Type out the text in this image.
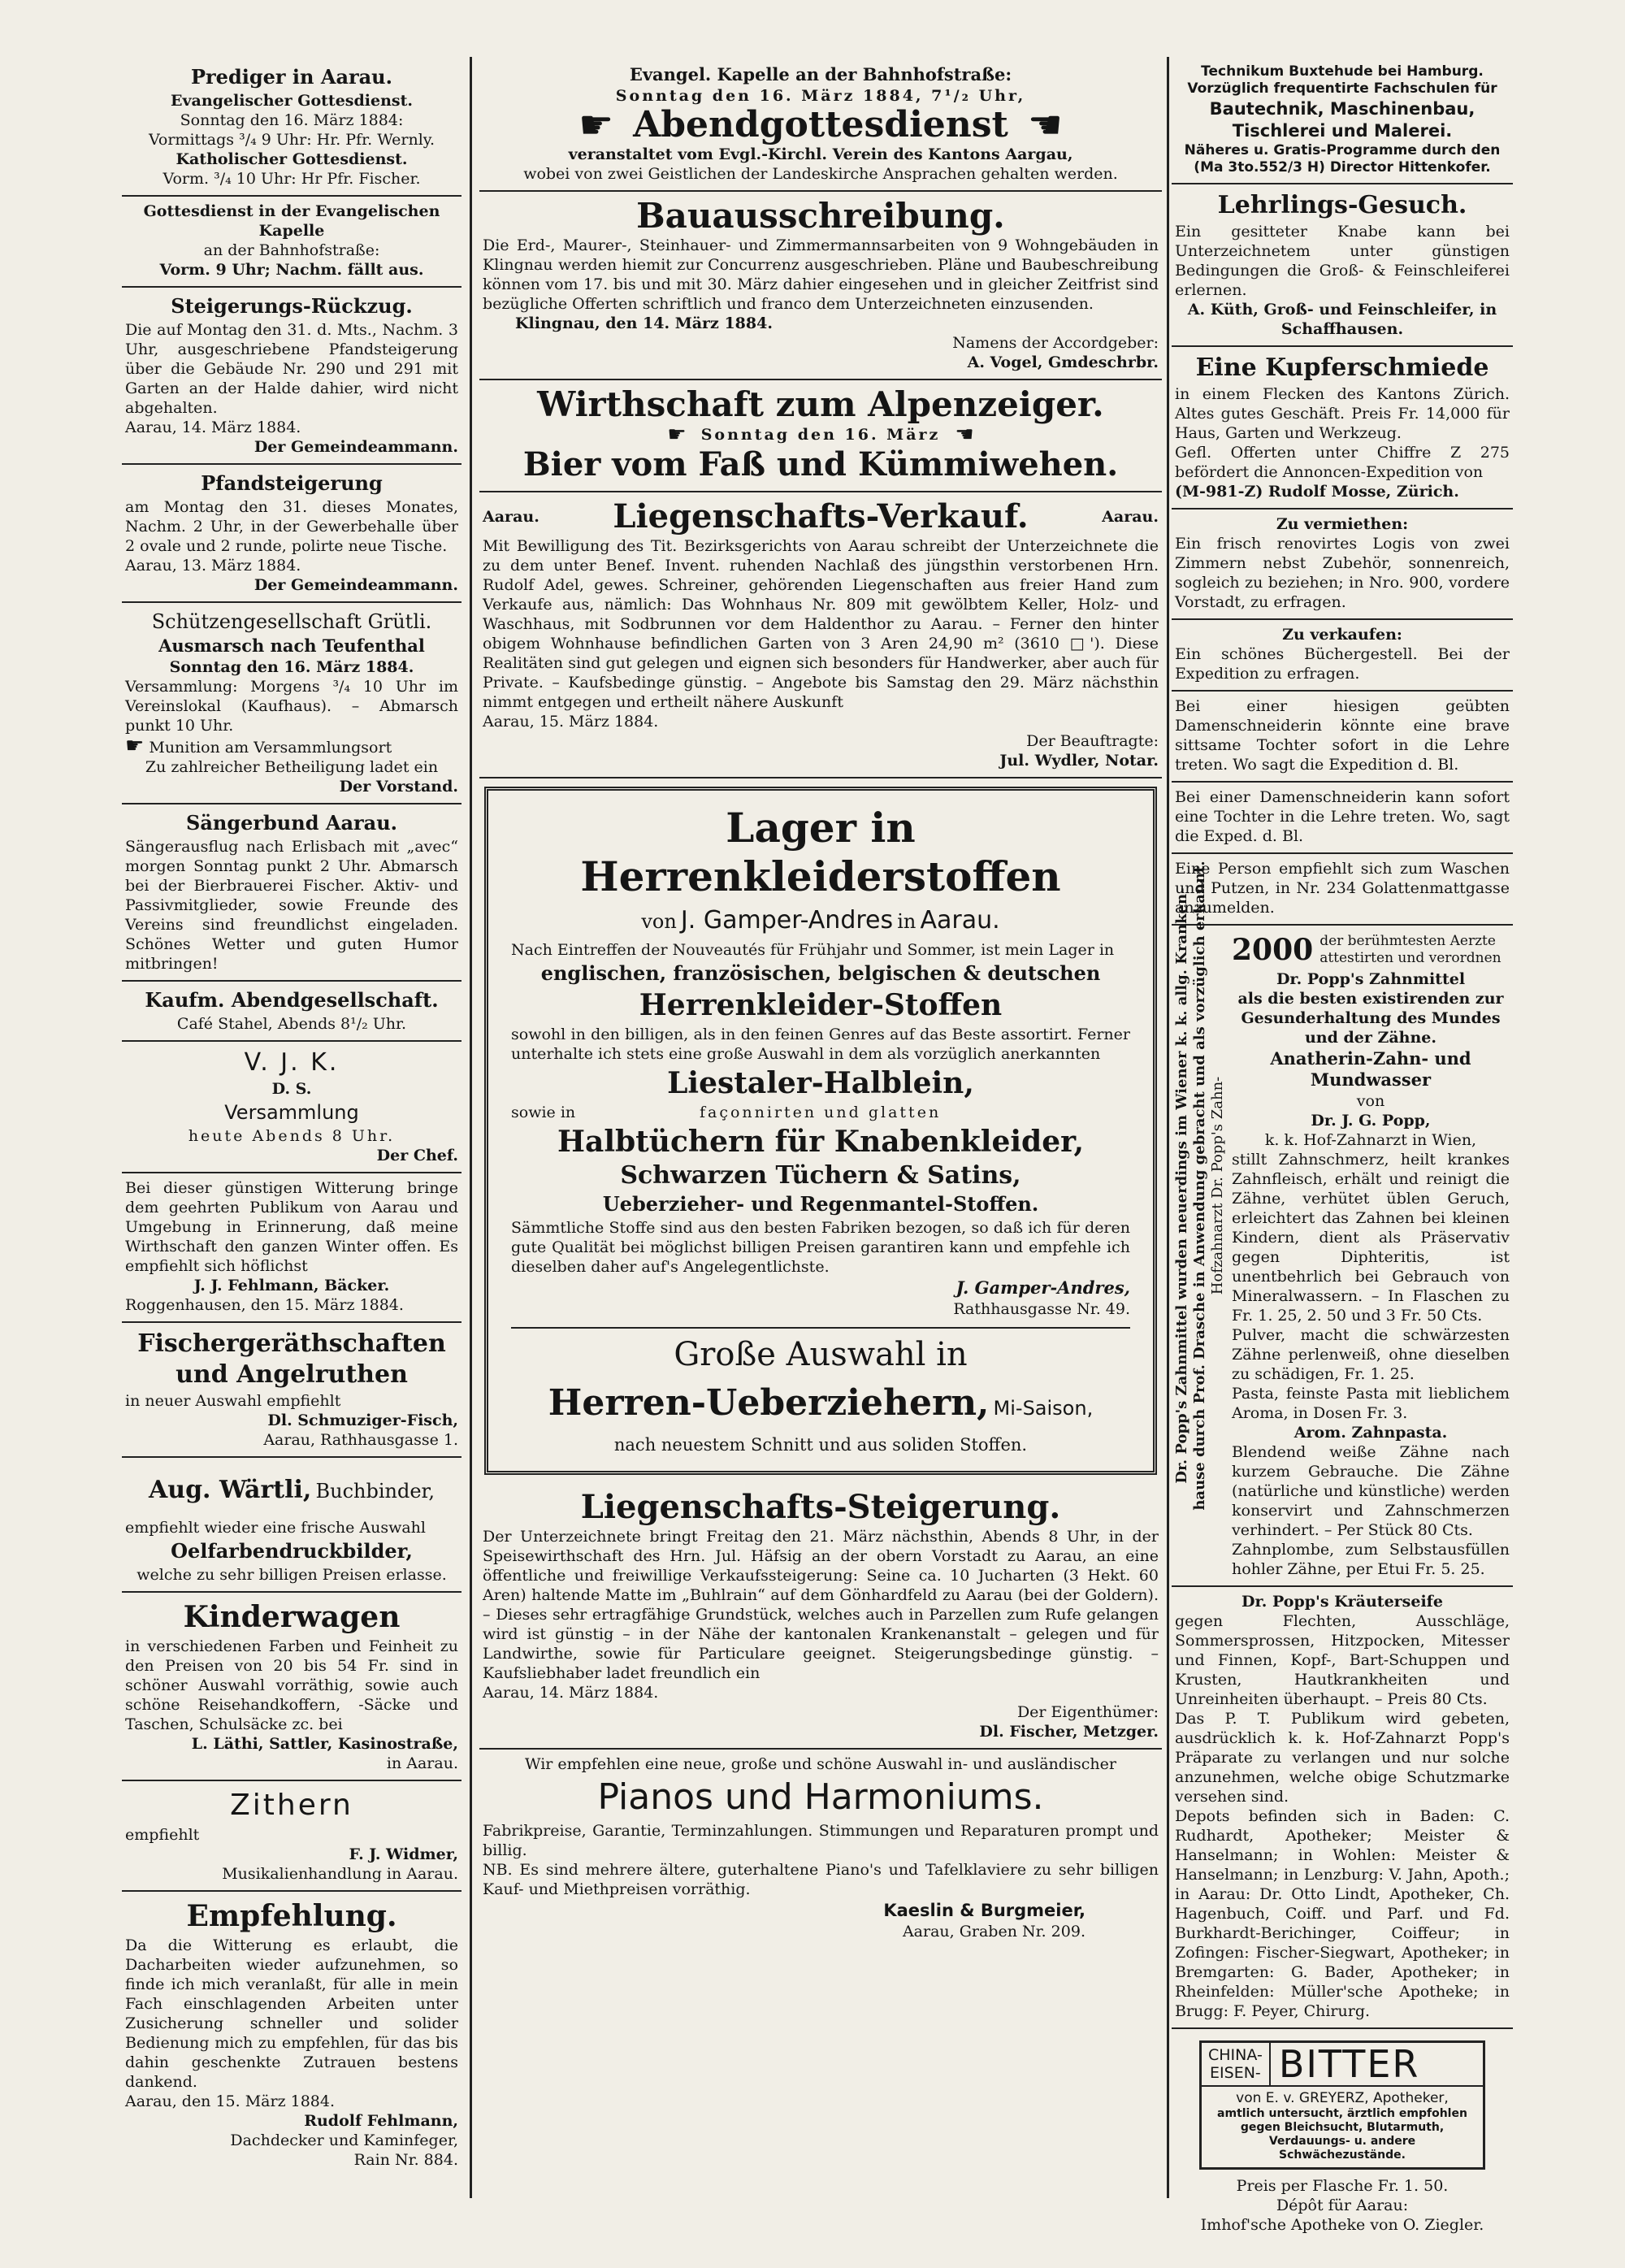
Prediger in Aarau.

Evangelischer Gottesdienst.

Sonntag den 16. März 1884:

Vormittags ³/₄ 9 Uhr: Hr. Pfr. Wernly.

Katholischer Gottesdienst.

Vorm. ³/₄ 10 Uhr: Hr Pfr. Fischer.

Gottesdienst in der Evangelischen Kapelle

an der Bahnhofstraße:

Vorm. 9 Uhr; Nachm. fällt aus.

Steigerungs-Rückzug.

Die auf Montag den 31. d. Mts., Nachm. 3 Uhr, ausgeschriebene Pfandsteigerung über die Gebäude Nr. 290 und 291 mit Garten an der Halde dahier, wird nicht abgehalten.

Aarau, 14. März 1884.

Der Gemeindeammann.

Pfandsteigerung

am Montag den 31. dieses Monates, Nachm. 2 Uhr, in der Gewerbehalle über 2 ovale und 2 runde, polirte neue Tische.

Aarau, 13. März 1884.

Der Gemeindeammann.

Schützengesellschaft Grütli.

Ausmarsch nach Teufenthal

Sonntag den 16. März 1884.

Versammlung: Morgens ³/₄ 10 Uhr im Vereinslokal (Kaufhaus). – Abmarsch punkt 10 Uhr.

☛ Munition am Versammlungsort

Zu zahlreicher Betheiligung ladet ein

Der Vorstand.

Sängerbund Aarau.

Sängerausflug nach Erlisbach mit „avec“ morgen Sonntag punkt 2 Uhr. Abmarsch bei der Bierbrauerei Fischer. Aktiv- und Passivmitglieder, sowie Freunde des Vereins sind freundlichst eingeladen. Schönes Wetter und guten Humor mitbringen!

Kaufm. Abendgesellschaft.

Café Stahel, Abends 8¹/₂ Uhr.

V. J. K.

D. S.

Versammlung

heute Abends 8 Uhr.

Der Chef.

Bei dieser günstigen Witterung bringe dem geehrten Publikum von Aarau und Umgebung in Erinnerung, daß meine Wirthschaft den ganzen Winter offen. Es empfiehlt sich höflichst

J. J. Fehlmann, Bäcker.

Roggenhausen, den 15. März 1884.

Fischergeräthschaften

und Angelruthen

in neuer Auswahl empfiehlt

Dl. Schmuziger-Fisch,

Aarau, Rathhausgasse 1.

Aug. Wärtli, Buchbinder,

empfiehlt wieder eine frische Auswahl

Oelfarbendruckbilder,

welche zu sehr billigen Preisen erlasse.

Kinderwagen

in verschiedenen Farben und Feinheit zu den Preisen von 20 bis 54 Fr. sind in schöner Auswahl vorräthig, sowie auch schöne Reisehandkoffern, -Säcke und Taschen, Schulsäcke zc. bei

L. Läthi, Sattler, Kasinostraße,

in Aarau.

Zithern

empfiehlt

F. J. Widmer,

Musikalienhandlung in Aarau.

Empfehlung.

Da die Witterung es erlaubt, die Dacharbeiten wieder aufzunehmen, so finde ich mich veranlaßt, für alle in mein Fach einschlagenden Arbeiten unter Zusicherung schneller und solider Bedienung mich zu empfehlen, für das bis dahin geschenkte Zutrauen bestens dankend.

Aarau, den 15. März 1884.

Rudolf Fehlmann,

Dachdecker und Kaminfeger,

Rain Nr. 884.

Evangel. Kapelle an der Bahnhofstraße:

Sonntag den 16. März 1884, 7¹/₂ Uhr,

☛ Abendgottesdienst ☚

veranstaltet vom Evgl.-Kirchl. Verein des Kantons Aargau,

wobei von zwei Geistlichen der Landeskirche Ansprachen gehalten werden.

Bauausschreibung.

Die Erd-, Maurer-, Steinhauer- und Zimmermannsarbeiten von 9 Wohngebäuden in Klingnau werden hiemit zur Concurrenz ausgeschrieben. Pläne und Baubeschreibung können vom 17. bis und mit 30. März dahier eingesehen und in gleicher Zeitfrist sind bezügliche Offerten schriftlich und franco dem Unterzeichneten einzusenden.

Klingnau, den 14. März 1884.

Namens der Accordgeber:

A. Vogel, Gmdeschrbr.

Wirthschaft zum Alpenzeiger.

☛ Sonntag den 16. März ☚

Bier vom Faß und Kümmiwehen.

Aarau. Liegenschafts-Verkauf.	Aarau.

Mit Bewilligung des Tit. Bezirksgerichts von Aarau schreibt der Unterzeichnete die zu dem unter Benef. Invent. ruhenden Nachlaß des jüngsthin verstorbenen Hrn. Rudolf Adel, gewes. Schreiner, gehörenden Liegenschaften aus freier Hand zum Verkaufe aus, nämlich: Das Wohnhaus Nr. 809 mit gewölbtem Keller, Holz- und Waschhaus, mit Sodbrunnen vor dem Haldenthor zu Aarau. – Ferner den hinter obigem Wohnhause befindlichen Garten von 3 Aren 24,90 m² (3610 □'). Diese Realitäten sind gut gelegen und eignen sich besonders für Handwerker, aber auch für Private. – Kaufsbedinge günstig. – Angebote bis Samstag den 29. März nächsthin nimmt entgegen und ertheilt nähere Auskunft

Aarau, 15. März 1884.

Der Beauftragte:

Jul. Wydler, Notar.

Lager in Herrenkleiderstoffen

von J. Gamper-Andres in Aarau.

Nach Eintreffen der Nouveautés für Frühjahr und Sommer, ist mein Lager in

englischen, französischen, belgischen & deutschen

Herrenkleider-Stoffen

sowohl in den billigen, als in den feinen Genres auf das Beste assortirt. Ferner unterhalte ich stets eine große Auswahl in dem als vorzüglich anerkannten

Liestaler-Halblein,

sowie in	façonnirten und glatten

Halbtüchern für Knabenkleider,

Schwarzen Tüchern & Satins,

Ueberzieher- und Regenmantel-Stoffen.

Sämmtliche Stoffe sind aus den besten Fabriken bezogen, so daß ich für deren gute Qualität bei möglichst billigen Preisen garantiren kann und empfehle ich dieselben daher auf's Angelegentlichste.

J. Gamper-Andres,

Rathhausgasse Nr. 49.

Große Auswahl in

Herren-Ueberziehern, Mi-Saison,

nach neuestem Schnitt und aus soliden Stoffen.

Liegenschafts-Steigerung.

Der Unterzeichnete bringt Freitag den 21. März nächsthin, Abends 8 Uhr, in der Speisewirthschaft des Hrn. Jul. Häfsig an der obern Vorstadt zu Aarau, an eine öffentliche und freiwillige Verkaufssteigerung: Seine ca. 10 Jucharten (3 Hekt. 60 Aren) haltende Matte im „Buhlrain“ auf dem Gönhardfeld zu Aarau (bei der Goldern). – Dieses sehr ertragfähige Grundstück, welches auch in Parzellen zum Rufe gelangen wird ist günstig – in der Nähe der kantonalen Krankenanstalt – gelegen und für Landwirthe, sowie für Particulare geeignet. Steigerungsbedinge günstig. – Kaufsliebhaber ladet freundlich ein

Aarau, 14. März 1884.

Der Eigenthümer:

Dl. Fischer, Metzger.

Wir empfehlen eine neue, große und schöne Auswahl in- und ausländischer

Pianos und Harmoniums.

Fabrikpreise, Garantie, Terminzahlungen. Stimmungen und Reparaturen prompt und billig.

NB. Es sind mehrere ältere, guterhaltene Piano's und Tafelklaviere zu sehr billigen Kauf- und Miethpreisen vorräthig.

Kaeslin & Burgmeier,

Aarau, Graben Nr. 209.

Technikum Buxtehude bei Hamburg.

Vorzüglich frequentirte Fachschulen für

Bautechnik, Maschinenbau,

Tischlerei und Malerei.

Näheres u. Gratis-Programme durch den

(Ma 3to.552/3 H) Director Hittenkofer.

Lehrlings-Gesuch.

Ein gesitteter Knabe kann bei Unterzeichnetem unter günstigen Bedingungen die Groß- & Feinschleiferei erlernen.

A. Küth, Groß- und Feinschleifer, in Schaffhausen.

Eine Kupferschmiede

in einem Flecken des Kantons Zürich. Altes gutes Geschäft. Preis Fr. 14,000 für Haus, Garten und Werkzeug.

Gefl. Offerten unter Chiffre Z 275 befördert die Annoncen-Expedition von

(M-981-Z) Rudolf Mosse, Zürich.

Zu vermiethen:

Ein frisch renovirtes Logis von zwei Zimmern nebst Zubehör, sonnenreich, sogleich zu beziehen; in Nro. 900, vordere Vorstadt, zu erfragen.

Zu verkaufen:

Ein schönes Büchergestell. Bei der Expedition zu erfragen.

Bei einer hiesigen geübten Damenschneiderin könnte eine brave sittsame Tochter sofort in die Lehre treten. Wo sagt die Expedition d. Bl.

Bei einer Damenschneiderin kann sofort eine Tochter in die Lehre treten. Wo, sagt die Exped. d. Bl.

Eine Person empfiehlt sich zum Waschen und Putzen, in Nr. 234 Golattenmattgasse anzumelden.

Dr. Popp's Zahnmittel wurden neuerdings im Wiener k. k. allg. Kranken- hause durch Prof. Drasche in Anwendung gebracht und als vorzüglich erkannt. Hofzahnarzt Dr. Popp's Zahn-
2000 der berühmtesten Aerzte attestirten und verordnen

Dr. Popp's Zahnmittel

als die besten existirenden zur Gesunderhaltung des Mundes und der Zähne.

Anatherin-Zahn- und Mundwasser

von

Dr. J. G. Popp,

k. k. Hof-Zahnarzt in Wien,

stillt Zahnschmerz, heilt krankes Zahnfleisch, erhält und reinigt die Zähne, verhütet üblen Geruch, erleichtert das Zahnen bei kleinen Kindern, dient als Präservativ gegen Diphteritis, ist unentbehrlich bei Gebrauch von Mineralwassern. – In Flaschen zu Fr. 1. 25, 2. 50 und 3 Fr. 50 Cts.

Pulver, macht die schwärzesten Zähne perlenweiß, ohne dieselben zu schädigen, Fr. 1. 25.

Pasta, feinste Pasta mit lieblichem Aroma, in Dosen Fr. 3.

Arom. Zahnpasta.

Blendend weiße Zähne nach kurzem Gebrauche. Die Zähne (natürliche und künstliche) werden konservirt und Zahnschmerzen verhindert. – Per Stück 80 Cts.

Zahnplombe, zum Selbstausfüllen hohler Zähne, per Etui Fr. 5. 25.

Dr. Popp's Kräuterseife

gegen Flechten, Ausschläge, Sommersprossen, Hitzpocken, Mitesser und Finnen, Kopf-, Bart-Schuppen und Krusten, Hautkrankheiten und Unreinheiten überhaupt. – Preis 80 Cts.

Das P. T. Publikum wird gebeten, ausdrücklich k. k. Hof-Zahnarzt Popp's Präparate zu verlangen und nur solche anzunehmen, welche obige Schutzmarke versehen sind.

Depots befinden sich in Baden: C. Rudhardt, Apotheker; Meister & Hanselmann; in Wohlen: Meister & Hanselmann; in Lenzburg: V. Jahn, Apoth.; in Aarau: Dr. Otto Lindt, Apotheker, Ch. Hagenbuch, Coiff. und Parf. und Fd. Burkhardt-Berichinger, Coiffeur; in Zofingen: Fischer-Siegwart, Apotheker; in Bremgarten: G. Bader, Apotheker; in Rheinfelden: Müller'sche Apotheke; in Brugg: F. Peyer, Chirurg.

CHINA-
EISEN- BITTER

von E. v. GREYERZ, Apotheker,

amtlich untersucht, ärztlich empfohlen

gegen Bleichsucht, Blutarmuth, Verdauungs- u. andere Schwächezustände.

Preis per Flasche Fr. 1. 50.

Dépôt für Aarau:

Imhof'sche Apotheke von O. Ziegler.
